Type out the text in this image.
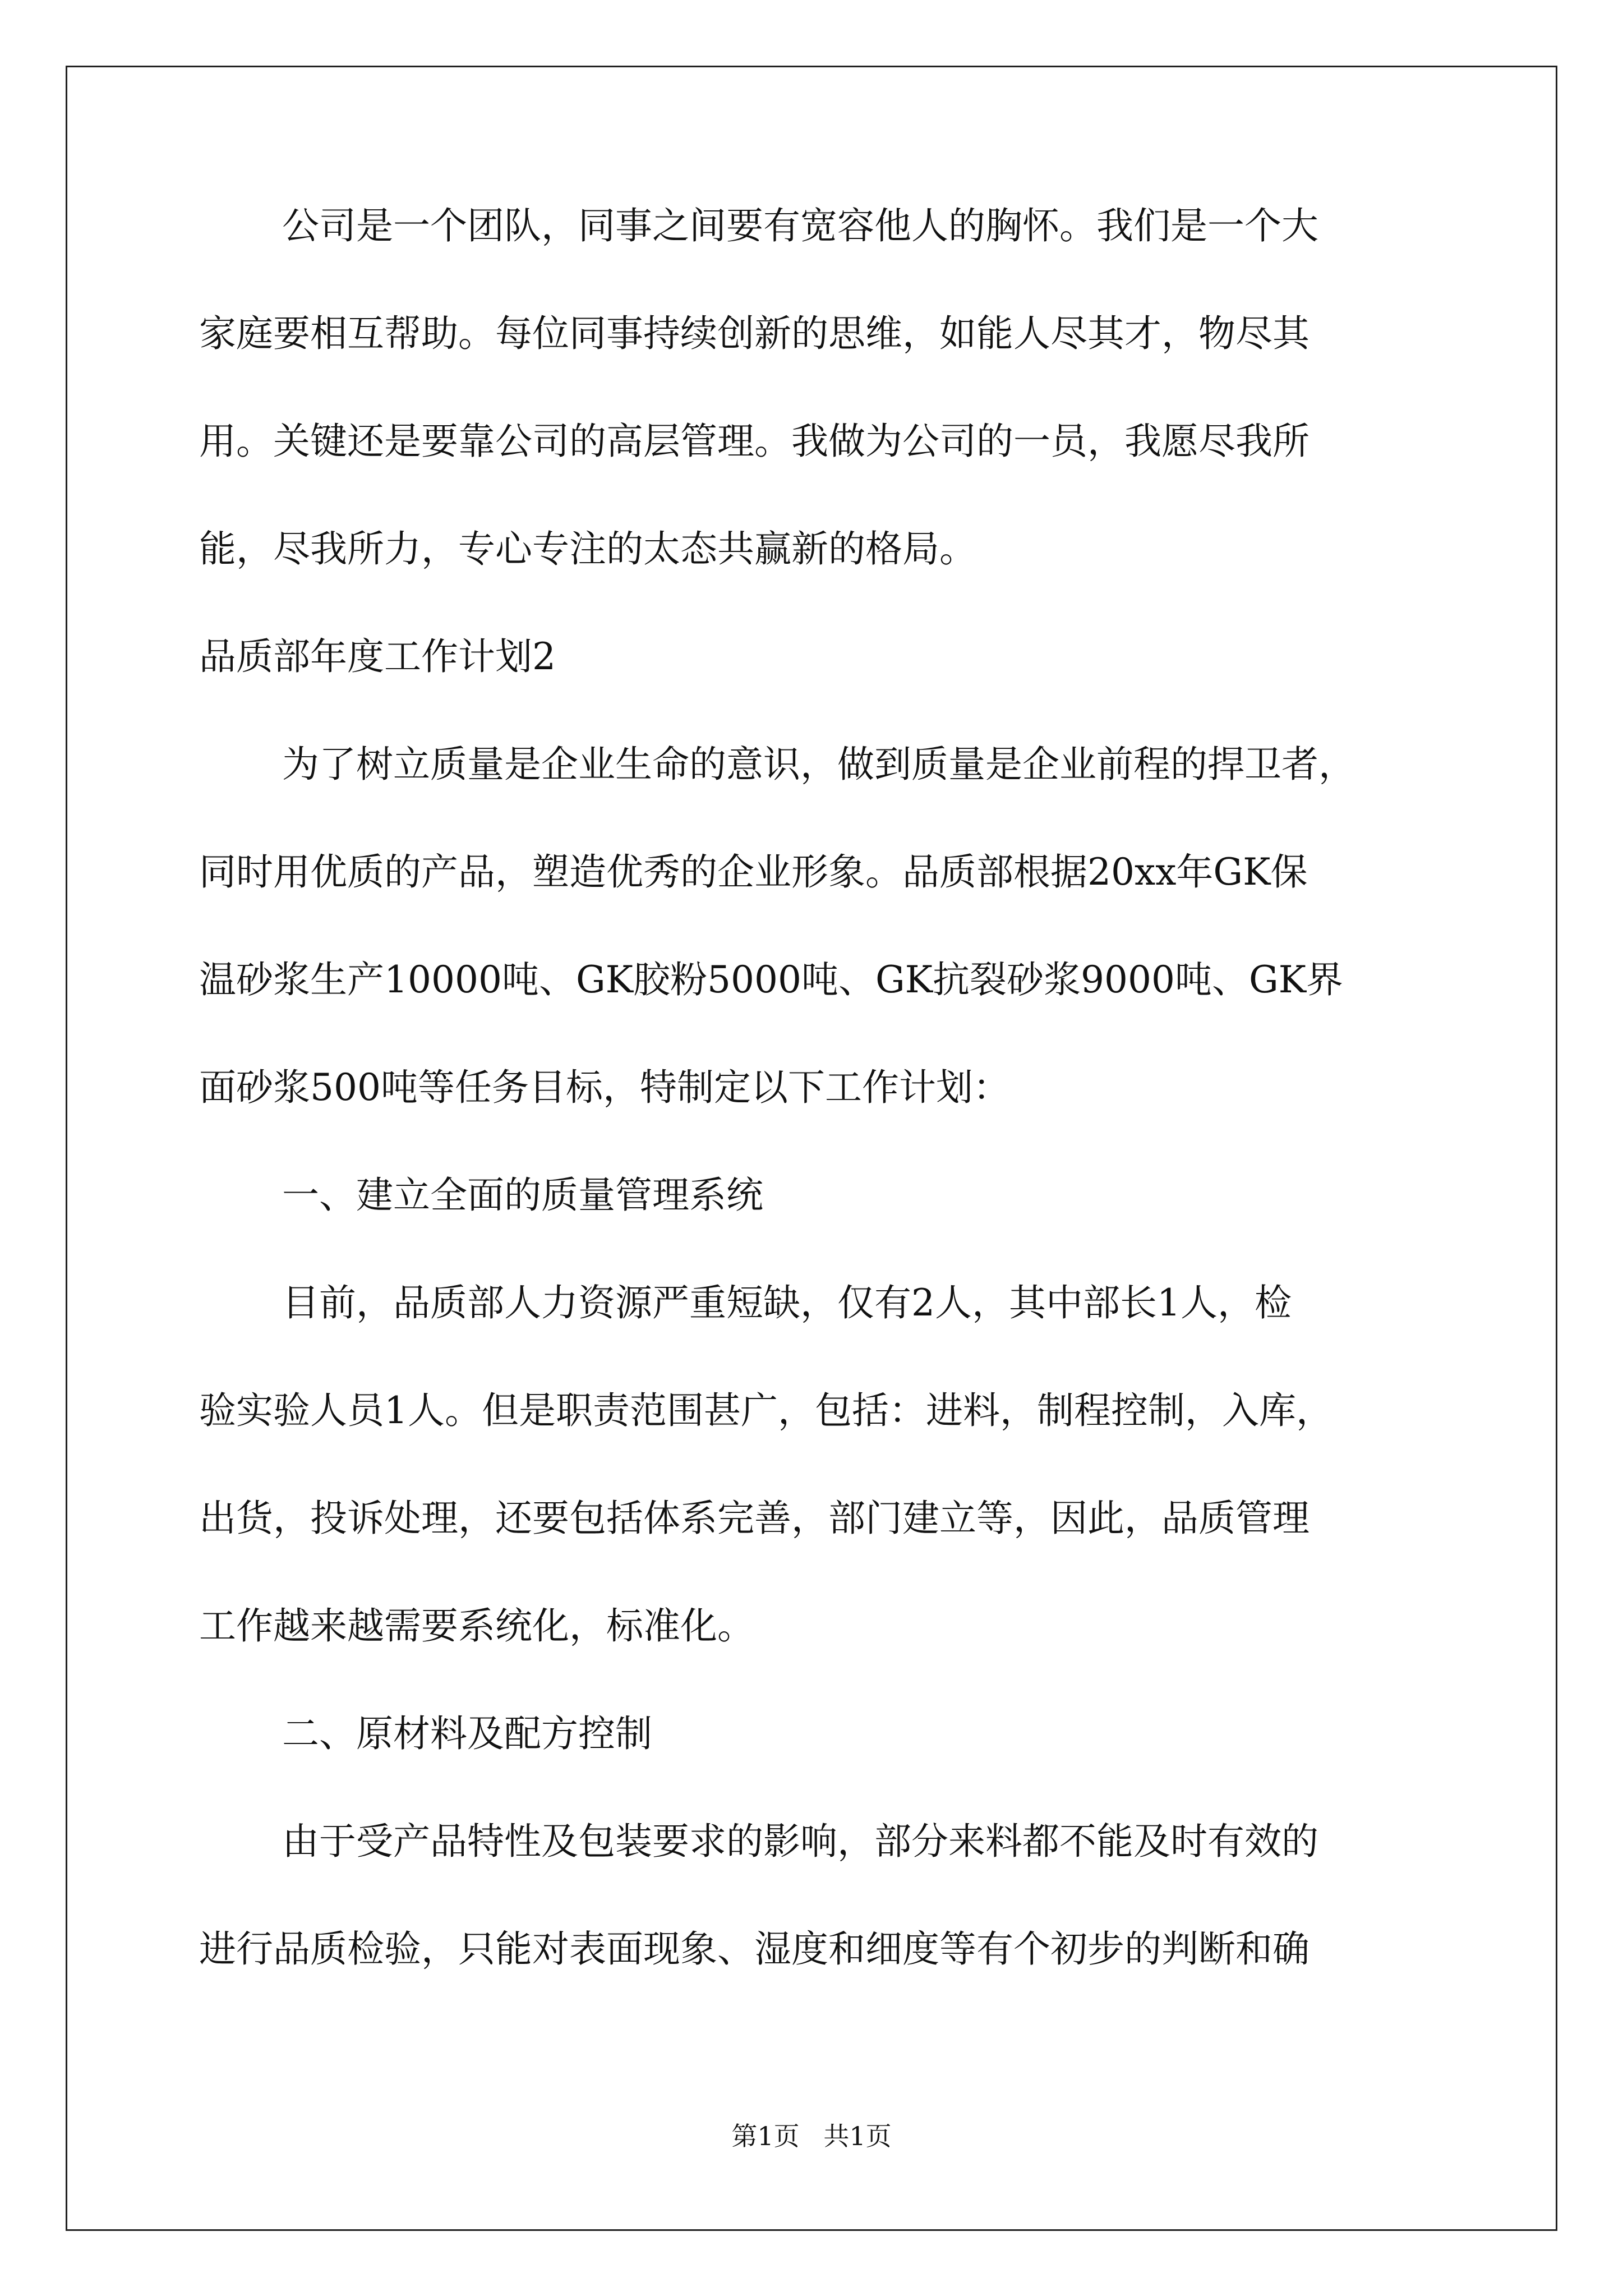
公司是一个团队，同事之间要有宽容他人的胸怀。我们是一个大
家庭要相互帮助。每位同事持续创新的思维，如能人尽其才，物尽其
用。关键还是要靠公司的高层管理。我做为公司的一员，我愿尽我所
能，尽我所力，专心专注的太态共赢新的格局。
品质部年度工作计划2
为了树立质量是企业生命的意识，做到质量是企业前程的捍卫者，
同时用优质的产品，塑造优秀的企业形象。品质部根据20xx年GK保
温砂浆生产10000吨、GK胶粉5000吨、GK抗裂砂浆9000吨、GK界
面砂浆500吨等任务目标，特制定以下工作计划：
一、建立全面的质量管理系统
目前，品质部人力资源严重短缺，仅有2人，其中部长1人，检
验实验人员1人。但是职责范围甚广，包括：进料，制程控制，入库，
出货，投诉处理，还要包括体系完善，部门建立等，因此，品质管理
工作越来越需要系统化，标准化。
二、原材料及配方控制
由于受产品特性及包装要求的影响，部分来料都不能及时有效的
进行品质检验，只能对表面现象、湿度和细度等有个初步的判断和确
第1页 共1页
